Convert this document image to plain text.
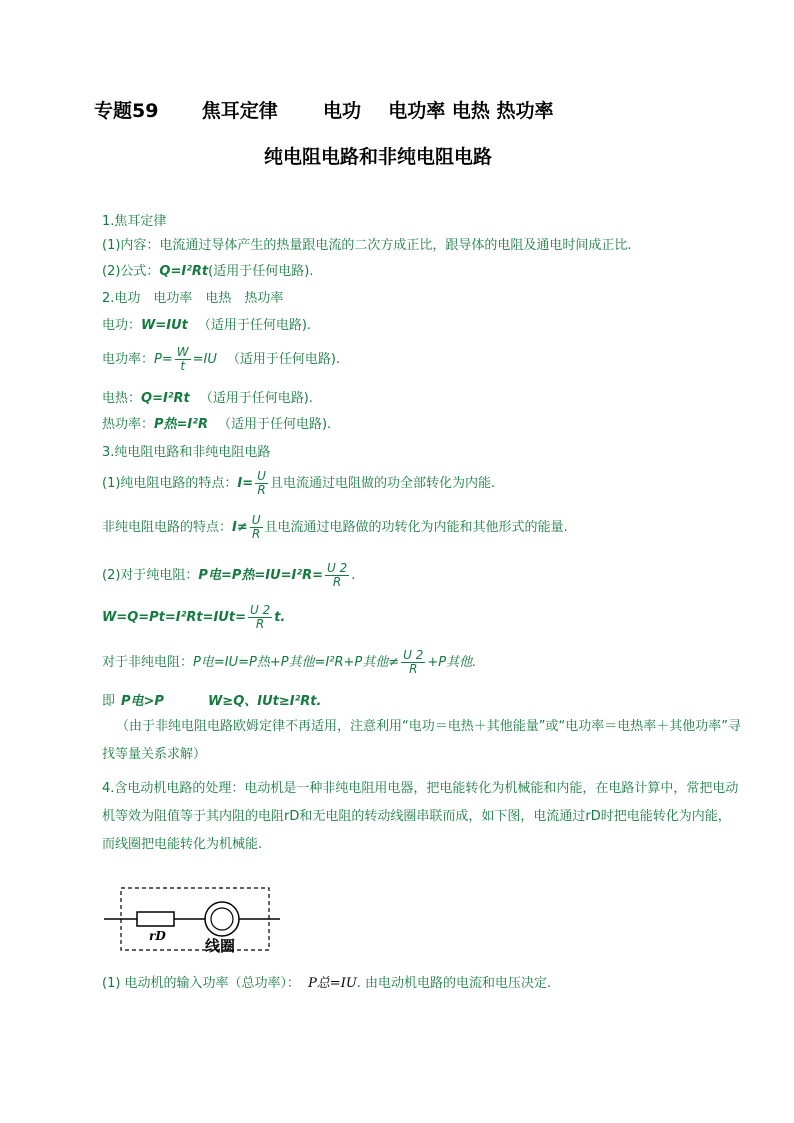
专题59 焦耳定律 电功 电功率 电热 热功率
纯电阻电路和非纯电阻电路
1.焦耳定律
(1)内容：电流通过导体产生的热量跟电流的二次方成正比，跟导体的电阻及通电时间成正比.
(2)公式：Q=I²Rt(适用于任何电路).
2.电功　电功率　电热　热功率
电功：W=IUt （适用于任何电路).
电功率：$P= \frac{W}{t} =IU$ （适用于任何电路).
电热：Q=I²Rt （适用于任何电路).
热功率：P热=I²R （适用于任何电路).
3.纯电阻电路和非纯电阻电路
(1)纯电阻电路的特点：$I= \frac{U}{R}$ 且电流通过电阻做的功全部转化为内能.
非纯电阻电路的特点：$I\ne \frac{U}{R}$ 且电流通过电路做的功转化为内能和其他形式的能量.
(2)对于纯电阻：P电=P热$=IU=I^2R= \frac{U 2}{R}$ .
$W=Q=Pt=I^2Rt=IUt= \frac{U 2}{R} t$.
对于非纯电阻：P电=IU=P热+P其他=I²R+P其他≠ $\frac{U 2}{R} +P$其他.
即 P电>P	W≥Q、IUt≥I²Rt.
（由于非纯电阻电路欧姆定律不再适用，注意利用“电功＝电热＋其他能量”或“电功率＝电热率＋其他功率”寻找等量关系求解）
4.含电动机电路的处理：电动机是一种非纯电阻用电器，把电能转化为机械能和内能，在电路计算中，常把电动机等效为阻值等于其内阻的电阻rD和无电阻的转动线圈串联而成，如下图，电流通过rD时把电能转化为内能，而线圈把电能转化为机械能.
rD
线圈
(1) 电动机的输入功率（总功率）： P总=IU. 由电动机电路的电流和电压决定.
